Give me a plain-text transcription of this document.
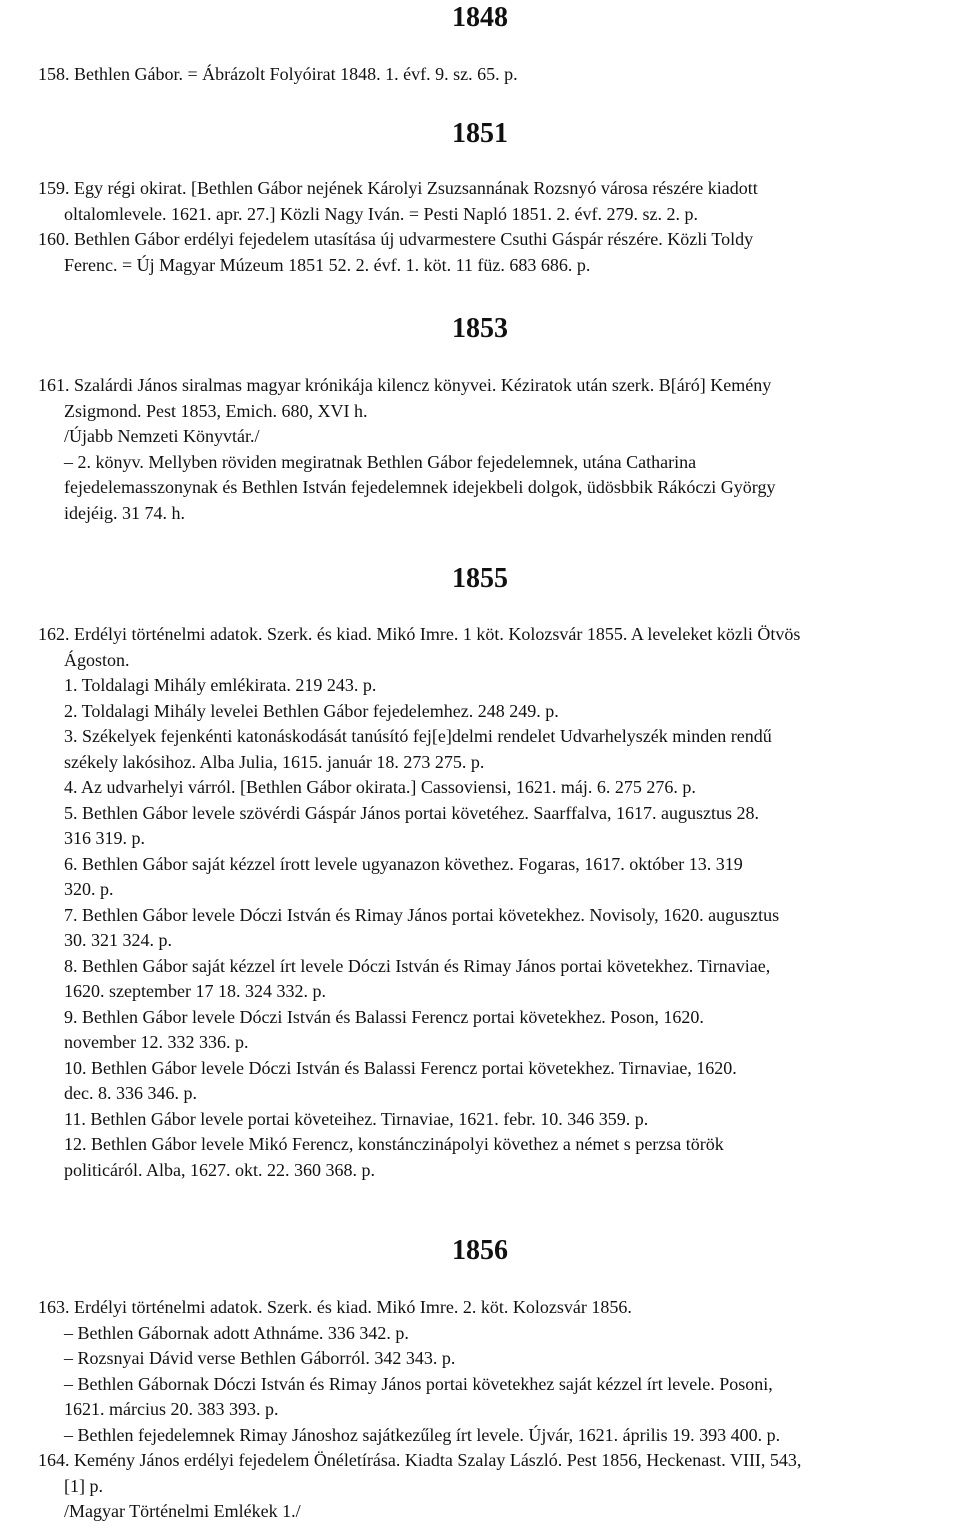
1848
158. Bethlen Gábor. = Ábrázolt Folyóirat 1848. 1. évf. 9. sz. 65. p.
1851
159. Egy régi okirat. [Bethlen Gábor nejének Károlyi Zsuzsannának Rozsnyó városa részére kiadott
oltalomlevele. 1621. apr. 27.] Közli Nagy Iván. = Pesti Napló 1851. 2. évf. 279. sz. 2. p.
160. Bethlen Gábor erdélyi fejedelem utasítása új udvarmestere Csuthi Gáspár részére. Közli Toldy
Ferenc. = Új Magyar Múzeum 1851 52. 2. évf. 1. köt. 11 füz. 683 686. p.
1853
161. Szalárdi János siralmas magyar krónikája kilencz könyvei. Kéziratok után szerk. B[áró] Kemény
Zsigmond. Pest 1853, Emich. 680, XVI h.
/Újabb Nemzeti Könyvtár./
– 2. könyv. Mellyben röviden megiratnak Bethlen Gábor fejedelemnek, utána Catharina
fejedelemasszonynak és Bethlen István fejedelemnek idejekbeli dolgok, üdösbbik Rákóczi György
idejéig. 31 74. h.
1855
162. Erdélyi történelmi adatok. Szerk. és kiad. Mikó Imre. 1 köt. Kolozsvár 1855. A leveleket közli Ötvös
Ágoston.
1. Toldalagi Mihály emlékirata. 219 243. p.
2. Toldalagi Mihály levelei Bethlen Gábor fejedelemhez. 248 249. p.
3. Székelyek fejenkénti katonáskodását tanúsító fej[e]delmi rendelet Udvarhelyszék minden rendű
székely lakósihoz. Alba Julia, 1615. január 18. 273 275. p.
4. Az udvarhelyi várról. [Bethlen Gábor okirata.] Cassoviensi, 1621. máj. 6. 275 276. p.
5. Bethlen Gábor levele szövérdi Gáspár János portai követéhez. Saarffalva, 1617. augusztus 28.
316 319. p.
6. Bethlen Gábor saját kézzel írott levele ugyanazon követhez. Fogaras, 1617. október 13. 319
320. p.
7. Bethlen Gábor levele Dóczi István és Rimay János portai követekhez. Novisoly, 1620. augusztus
30. 321 324. p.
8. Bethlen Gábor saját kézzel írt levele Dóczi István és Rimay János portai követekhez. Tirnaviae,
1620. szeptember 17 18. 324 332. p.
9. Bethlen Gábor levele Dóczi István és Balassi Ferencz portai követekhez. Poson, 1620.
november 12. 332 336. p.
10. Bethlen Gábor levele Dóczi István és Balassi Ferencz portai követekhez. Tirnaviae, 1620.
dec. 8. 336 346. p.
11. Bethlen Gábor levele portai követeihez. Tirnaviae, 1621. febr. 10. 346 359. p.
12. Bethlen Gábor levele Mikó Ferencz, konstánczinápolyi követhez a német s perzsa török
politicáról. Alba, 1627. okt. 22. 360 368. p.
1856
163. Erdélyi történelmi adatok. Szerk. és kiad. Mikó Imre. 2. köt. Kolozsvár 1856.
– Bethlen Gábornak adott Athnáme. 336 342. p.
– Rozsnyai Dávid verse Bethlen Gáborról. 342 343. p.
– Bethlen Gábornak Dóczi István és Rimay János portai követekhez saját kézzel írt levele. Posoni,
1621. március 20. 383 393. p.
– Bethlen fejedelemnek Rimay Jánoshoz sajátkezűleg írt levele. Újvár, 1621. április 19. 393 400. p.
164. Kemény János erdélyi fejedelem Önéletírása. Kiadta Szalay László. Pest 1856, Heckenast. VIII, 543,
[1] p.
/Magyar Történelmi Emlékek 1./
